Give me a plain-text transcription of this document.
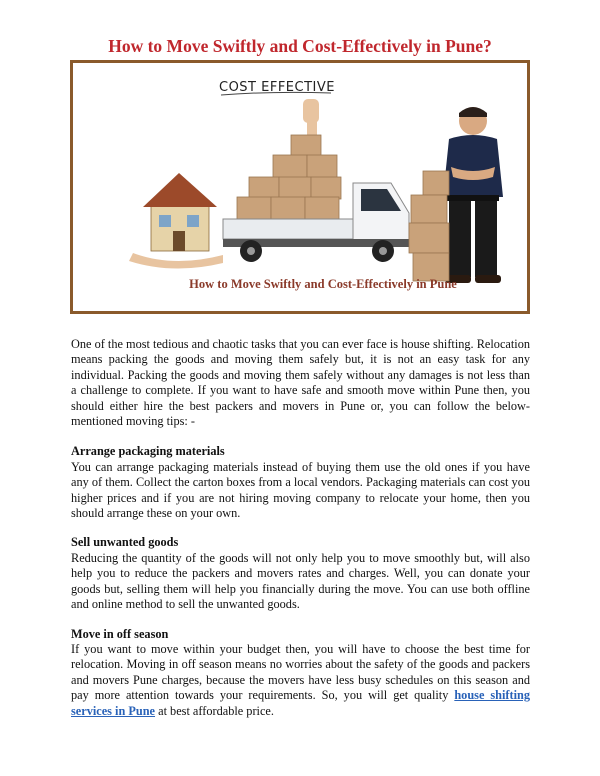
How to Move Swiftly and Cost-Effectively in Pune?
COST EFFECTIVE
How to Move Swiftly and Cost-Effectively in Pune

One of the most tedious and chaotic tasks that you can ever face is house shifting. Relocation means packing the goods and moving them safely but, it is not an easy task for any individual. Packing the goods and moving them safely without any damages is not less than a challenge to complete. If you want to have safe and smooth move within Pune then, you should either hire the best packers and movers in Pune or, you can follow the below-mentioned moving tips: -

Arrange packaging materials

You can arrange packaging materials instead of buying them use the old ones if you have any of them. Collect the carton boxes from a local vendors. Packaging materials can cost you higher prices and if you are not hiring moving company to relocate your home, then you should arrange these on your own.

Sell unwanted goods

Reducing the quantity of the goods will not only help you to move smoothly but, will also help you to reduce the packers and movers rates and charges. Well, you can donate your goods but, selling them will help you financially during the move. You can use both offline and online method to sell the unwanted goods.

Move in off season

If you want to move within your budget then, you will have to choose the best time for relocation. Moving in off season means no worries about the safety of the goods and packers and movers Pune charges, because the movers have less busy schedules on this season and pay more attention towards your requirements. So, you will get quality house shifting services in Pune at best affordable price.
